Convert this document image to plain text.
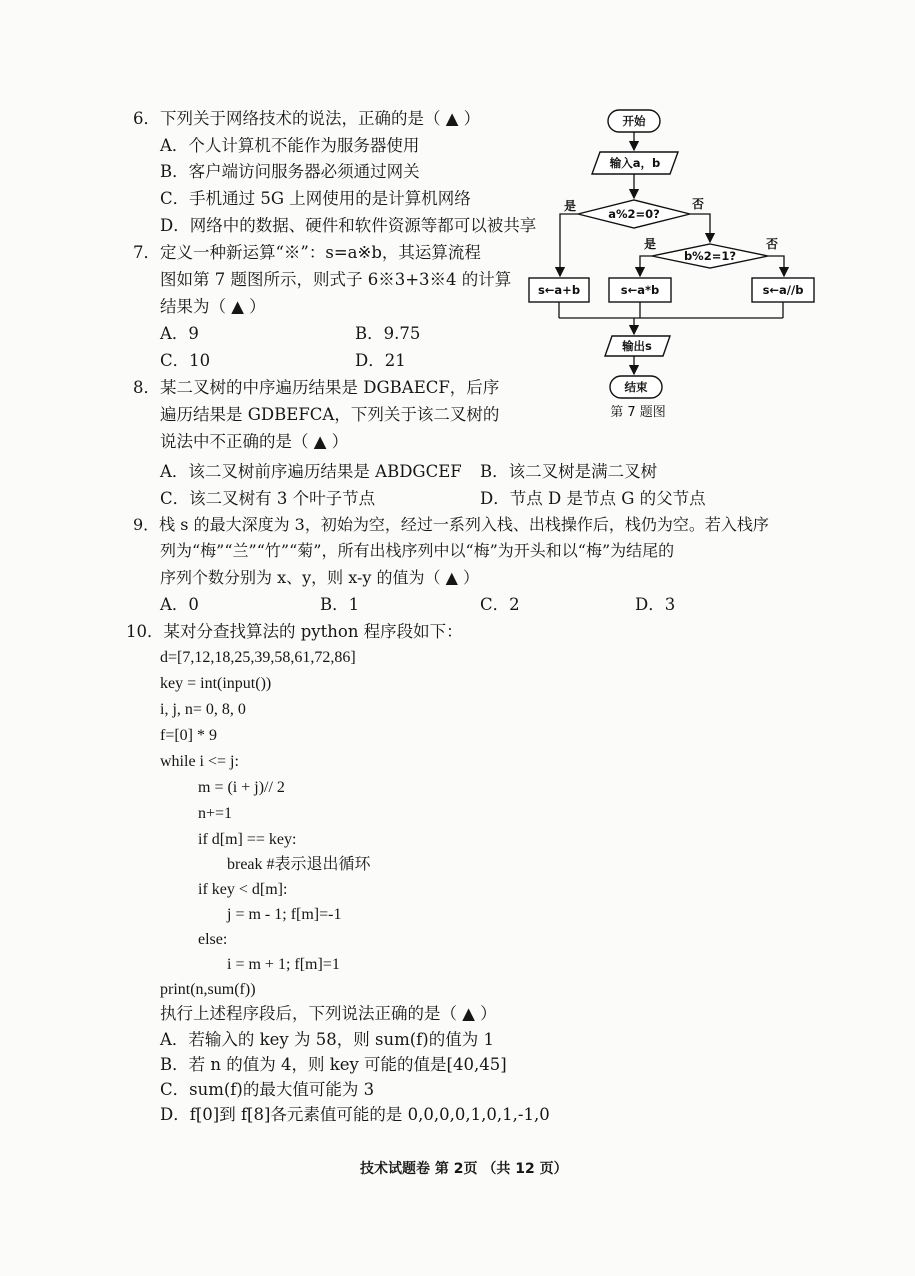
6．下列关于网络技术的说法，正确的是（ ▲ ）
A．个人计算机不能作为服务器使用
B．客户端访问服务器必须通过网关
C．手机通过 5G 上网使用的是计算机网络
D．网络中的数据、硬件和软件资源等都可以被共享
7．定义一种新运算“※”：s=a※b，其运算流程
图如第 7 题图所示，则式子 6※3+3※4 的计算
结果为（ ▲ ）
A．9	B．9.75
C．10	D．21
开始
输入a，b
a%2=0?
是	否
b%2=1?
是	否
s←a+b	s←a*b	s←a//b
输出s
结束
第 7 题图
8．某二叉树的中序遍历结果是 DGBAECF，后序
遍历结果是 GDBEFCA，下列关于该二叉树的
说法中不正确的是（ ▲ ）
A．该二叉树前序遍历结果是 ABDGCEF B．该二叉树是满二叉树
C．该二叉树有 3 个叶子节点	D．节点 D 是节点 G 的父节点
9．栈 s 的最大深度为 3，初始为空，经过一系列入栈、出栈操作后，栈仍为空。若入栈序
列为“梅”“兰”“竹”“菊”，所有出栈序列中以“梅”为开头和以“梅”为结尾的
序列个数分别为 x、y，则 x-y 的值为（ ▲ ）
A．0	B．1	C．2	D．3
10．某对分查找算法的 python 程序段如下：
d=[7,12,18,25,39,58,61,72,86]
key = int(input())
i, j, n= 0, 8, 0
f=[0] * 9
while i <= j:
m = (i + j)// 2
n+=1
if d[m] == key:
break #表示退出循环
if key < d[m]:
j = m - 1; f[m]=-1
else:
i = m + 1; f[m]=1
print(n,sum(f))
执行上述程序段后，下列说法正确的是（ ▲ ）
A．若输入的 key 为 58，则 sum(f)的值为 1
B．若 n 的值为 4，则 key 可能的值是[40,45]
C．sum(f)的最大值可能为 3
D．f[0]到 f[8]各元素值可能的是 0,0,0,0,1,0,1,-1,0
技术试题卷 第 2页 （共 12 页）
